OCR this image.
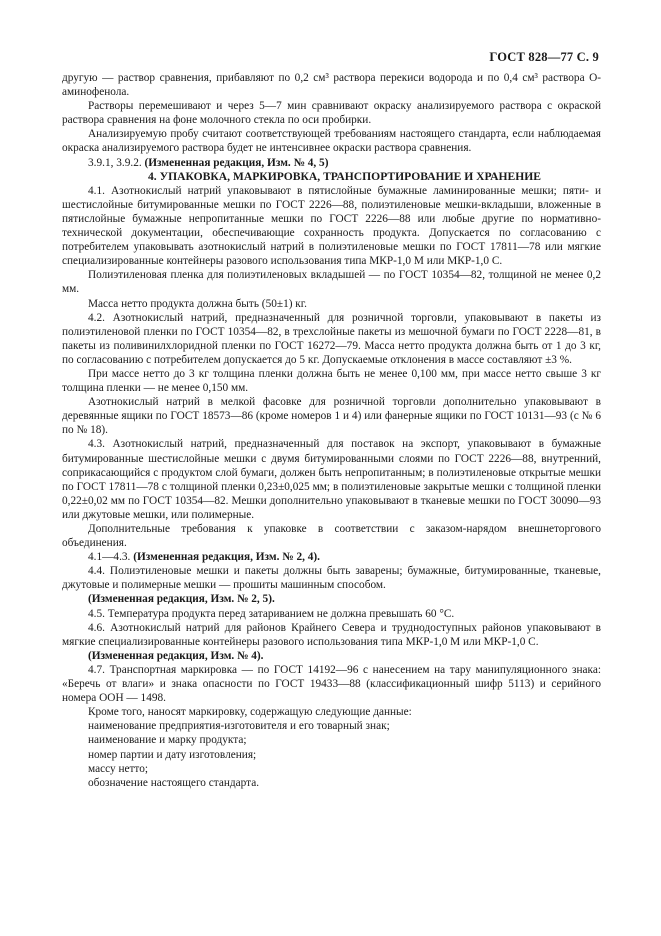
ГОСТ 828—77 С. 9

другую — раствор сравнения, прибавляют по 0,2 см³ раствора перекиси водорода и по 0,4 см³ раствора О-аминофенола.

Растворы перемешивают и через 5—7 мин сравнивают окраску анализируемого раствора с окраской раствора сравнения на фоне молочного стекла по оси пробирки.

Анализируемую пробу считают соответствующей требованиям настоящего стандарта, если наблюдаемая окраска анализируемого раствора будет не интенсивнее окраски раствора сравнения.

3.9.1, 3.9.2. (Измененная редакция, Изм. № 4, 5)

4. УПАКОВКА, МАРКИРОВКА, ТРАНСПОРТИРОВАНИЕ И ХРАНЕНИЕ

4.1. Азотнокислый натрий упаковывают в пятислойные бумажные ламинированные мешки; пяти- и шестислойные битумированные мешки по ГОСТ 2226—88, полиэтиленовые мешки-вкладыши, вложенные в пятислойные бумажные непропитанные мешки по ГОСТ 2226—88 или любые другие по нормативно-технической документации, обеспечивающие сохранность продукта. Допускается по согласованию с потребителем упаковывать азотнокислый натрий в полиэтиленовые мешки по ГОСТ 17811—78 или мягкие специализированные контейнеры разового использования типа МКР-1,0 М или МКР-1,0 С.

Полиэтиленовая пленка для полиэтиленовых вкладышей — по ГОСТ 10354—82, толщиной не менее 0,2 мм.

Масса нетто продукта должна быть (50±1) кг.

4.2. Азотнокислый натрий, предназначенный для розничной торговли, упаковывают в пакеты из полиэтиленовой пленки по ГОСТ 10354—82, в трехслойные пакеты из мешочной бумаги по ГОСТ 2228—81, в пакеты из поливинилхлоридной пленки по ГОСТ 16272—79. Масса нетто продукта должна быть от 1 до 3 кг, по согласованию с потребителем допускается до 5 кг. Допускаемые отклонения в массе составляют ±3 %.

При массе нетто до 3 кг толщина пленки должна быть не менее 0,100 мм, при массе нетто свыше 3 кг толщина пленки — не менее 0,150 мм.

Азотнокислый натрий в мелкой фасовке для розничной торговли дополнительно упаковывают в деревянные ящики по ГОСТ 18573—86 (кроме номеров 1 и 4) или фанерные ящики по ГОСТ 10131—93 (с № 6 по № 18).

4.3. Азотнокислый натрий, предназначенный для поставок на экспорт, упаковывают в бумажные битумированные шестислойные мешки с двумя битумированными слоями по ГОСТ 2226—88, внутренний, соприкасающийся с продуктом слой бумаги, должен быть непропитанным; в полиэтиленовые открытые мешки по ГОСТ 17811—78 с толщиной пленки 0,23±0,025 мм; в полиэтиленовые закрытые мешки с толщиной пленки 0,22±0,02 мм по ГОСТ 10354—82. Мешки дополнительно упаковывают в тканевые мешки по ГОСТ 30090—93 или джутовые мешки, или полимерные.

Дополнительные требования к упаковке в соответствии с заказом-нарядом внешнеторгового объединения.

4.1—4.3. (Измененная редакция, Изм. № 2, 4).

4.4. Полиэтиленовые мешки и пакеты должны быть заварены; бумажные, битумированные, тканевые, джутовые и полимерные мешки — прошиты машинным способом.

(Измененная редакция, Изм. № 2, 5).

4.5. Температура продукта перед затариванием не должна превышать 60 °С.

4.6. Азотнокислый натрий для районов Крайнего Севера и труднодоступных районов упаковывают в мягкие специализированные контейнеры разового использования типа МКР-1,0 М или МКР-1,0 С.

(Измененная редакция, Изм. № 4).

4.7. Транспортная маркировка — по ГОСТ 14192—96 с нанесением на тару манипуляционного знака: «Беречь от влаги» и знака опасности по ГОСТ 19433—88 (классификационный шифр 5113) и серийного номера ООН — 1498.

Кроме того, наносят маркировку, содержащую следующие данные:

наименование предприятия-изготовителя и его товарный знак;

наименование и марку продукта;

номер партии и дату изготовления;

массу нетто;

обозначение настоящего стандарта.
